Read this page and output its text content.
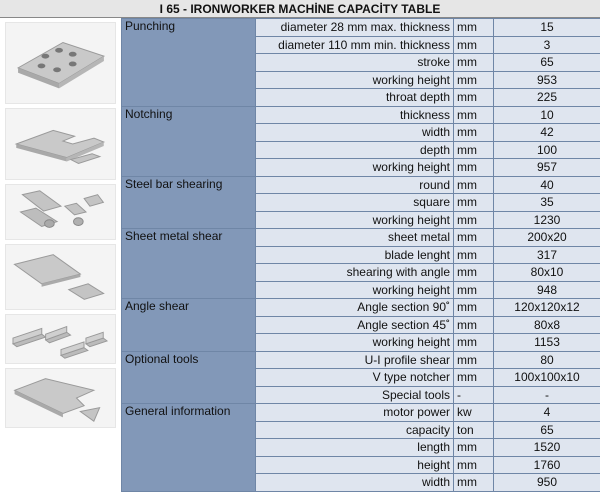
I 65 - IRONWORKER MACHİNE CAPACİTY TABLE
Punching	diameter 28 mm max. thickness	mm	15
	diameter 110 mm min. thickness	mm	3
	stroke	mm	65
	working height	mm	953
	throat depth	mm	225
Notching	thickness	mm	10
	width	mm	42
	depth	mm	100
	working height	mm	957
Steel bar shearing	round	mm	40
	square	mm	35
	working height	mm	1230
Sheet metal shear	sheet metal	mm	200x20
	blade lenght	mm	317
	shearing with angle	mm	80x10
	working height	mm	948
Angle shear	Angle section 90˚	mm	120x120x12
	Angle section 45˚	mm	80x8
	working height	mm	1153
Optional tools	U-I profile shear	mm	80
	V type notcher	mm	100x100x10
	Special tools	-	-
General information	motor power	kw	4
	capacity	ton	65
	length	mm	1520
	height	mm	1760
	width	mm	950
